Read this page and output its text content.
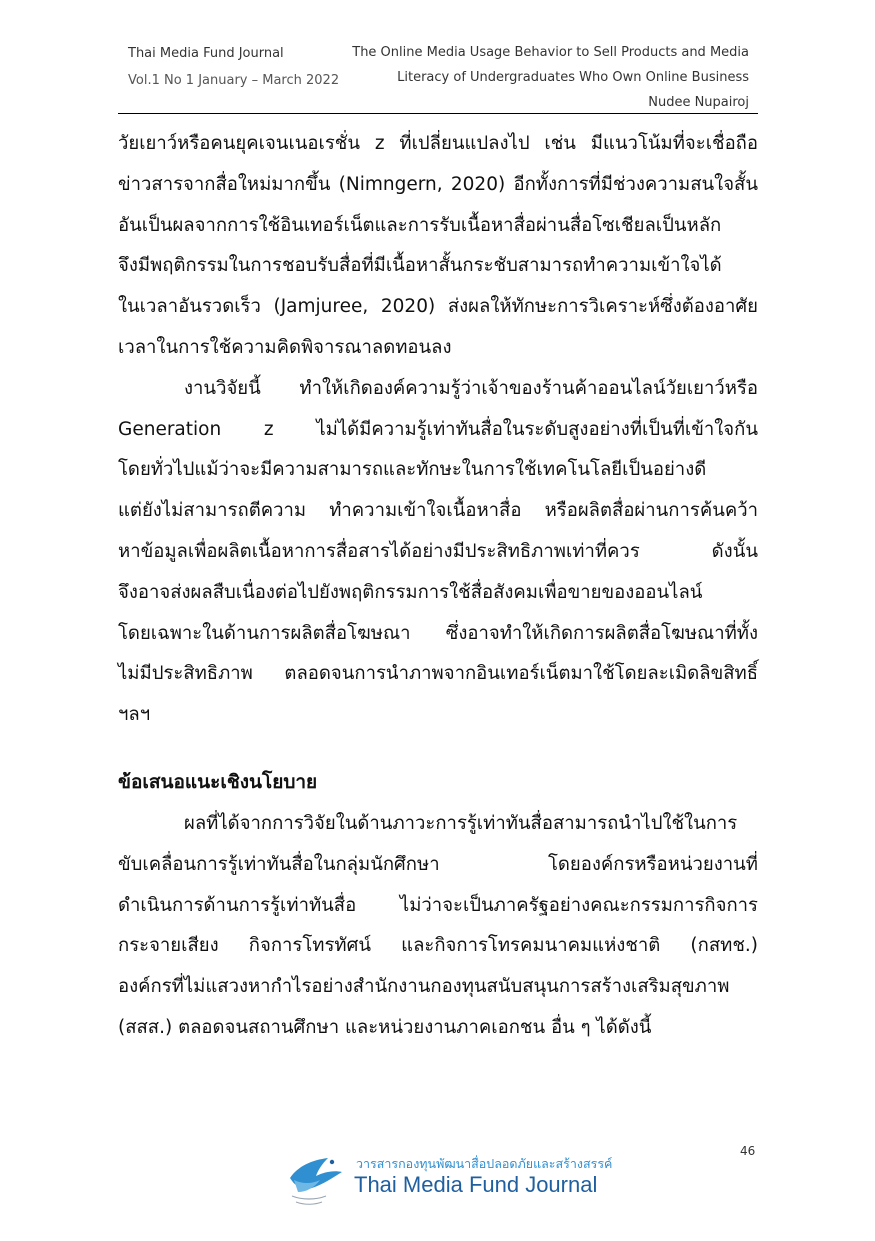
Thai Media Fund Journal
Vol.1 No 1 January – March 2022
The Online Media Usage Behavior to Sell Products and Media
Literacy of Undergraduates Who Own Online Business
Nudee Nupairoj

วัยเยาว์หรือคนยุคเจนเนอเรชั่น z ที่เปลี่ยนแปลงไป เช่น มีแนวโน้มที่จะเชื่อถือ

ข่าวสารจากสื่อใหม่มากขึ้น (Nimngern, 2020) อีกทั้งการที่มีช่วงความสนใจสั้น

อันเป็นผลจากการใช้อินเทอร์เน็ตและการรับเนื้อหาสื่อผ่านสื่อโซเชียลเป็นหลัก

จึงมีพฤติกรรมในการชอบรับสื่อที่มีเนื้อหาสั้นกระชับสามารถทำความเข้าใจได้

ในเวลาอันรวดเร็ว (Jamjuree, 2020) ส่งผลให้ทักษะการวิเคราะห์ซึ่งต้องอาศัย

เวลาในการใช้ความคิดพิจารณาลดทอนลง

งานวิจัยนี้ ทำให้เกิดองค์ความรู้ว่าเจ้าของร้านค้าออนไลน์วัยเยาว์หรือ

Generation z ไม่ได้มีความรู้เท่าทันสื่อในระดับสูงอย่างที่เป็นที่เข้าใจกัน

โดยทั่วไปแม้ว่าจะมีความสามารถและทักษะในการใช้เทคโนโลยีเป็นอย่างดี

แต่ยังไม่สามารถตีความ ทำความเข้าใจเนื้อหาสื่อ หรือผลิตสื่อผ่านการค้นคว้า

หาข้อมูลเพื่อผลิตเนื้อหาการสื่อสารได้อย่างมีประสิทธิภาพเท่าที่ควร ดังนั้น

จึงอาจส่งผลสืบเนื่องต่อไปยังพฤติกรรมการใช้สื่อสังคมเพื่อขายของออนไลน์

โดยเฉพาะในด้านการผลิตสื่อโฆษณา ซึ่งอาจทำให้เกิดการผลิตสื่อโฆษณาที่ทั้ง

ไม่มีประสิทธิภาพ ตลอดจนการนำภาพจากอินเทอร์เน็ตมาใช้โดยละเมิดลิขสิทธิ์

ฯลฯ

ข้อเสนอแนะเชิงนโยบาย

ผลที่ได้จากการวิจัยในด้านภาวะการรู้เท่าทันสื่อสามารถนำไปใช้ในการ

ขับเคลื่อนการรู้เท่าทันสื่อในกลุ่มนักศึกษา โดยองค์กรหรือหน่วยงานที่

ดำเนินการด้านการรู้เท่าทันสื่อ ไม่ว่าจะเป็นภาครัฐอย่างคณะกรรมการกิจการ

กระจายเสียง กิจการโทรทัศน์ และกิจการโทรคมนาคมแห่งชาติ (กสทช.)

องค์กรที่ไม่แสวงหากำไรอย่างสำนักงานกองทุนสนับสนุนการสร้างเสริมสุขภาพ

(สสส.) ตลอดจนสถานศึกษา และหน่วยงานภาคเอกชน อื่น ๆ ได้ดังนี้

46
วารสารกองทุนพัฒนาสื่อปลอดภัยและสร้างสรรค์
Thai Media Fund Journal
